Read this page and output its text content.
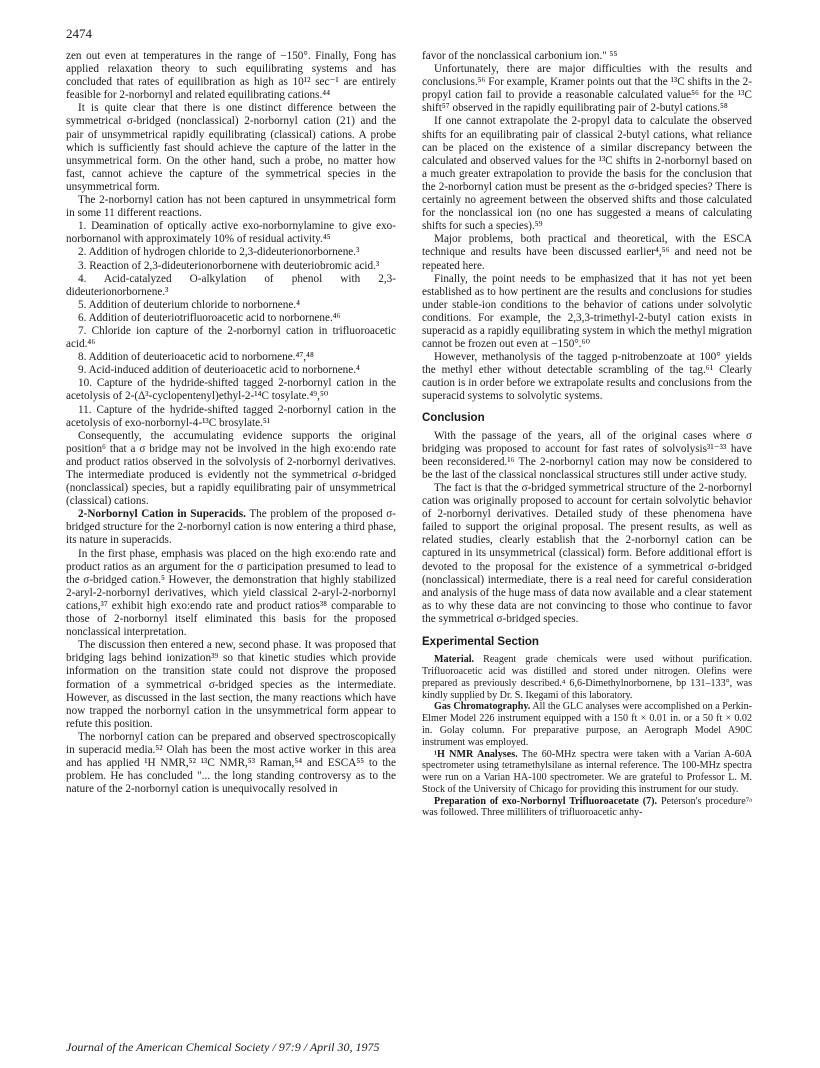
2474

zen out even at temperatures in the range of −150°. Finally, Fong has applied relaxation theory to such equilibrating systems and has concluded that rates of equilibration as high as 10¹² sec⁻¹ are entirely feasible for 2-norbornyl and related equilibrating cations.⁴⁴

It is quite clear that there is one distinct difference between the symmetrical σ-bridged (nonclassical) 2-norbornyl cation (21) and the pair of unsymmetrical rapidly equilibrating (classical) cations. A probe which is sufficiently fast should achieve the capture of the latter in the unsymmetrical form. On the other hand, such a probe, no matter how fast, cannot achieve the capture of the symmetrical species in the unsymmetrical form.

The 2-norbornyl cation has not been captured in unsymmetrical form in some 11 different reactions.

1. Deamination of optically active exo-norbornylamine to give exo-norbornanol with approximately 10% of residual activity.⁴⁵

2. Addition of hydrogen chloride to 2,3-dideuterionorbornene.³

3. Reaction of 2,3-dideuterionorbornene with deuteriobromic acid.³

4. Acid-catalyzed O-alkylation of phenol with 2,3-dideuterionorbornene.³

5. Addition of deuterium chloride to norbornene.⁴

6. Addition of deuteriotrifluoroacetic acid to norbornene.⁴⁶

7. Chloride ion capture of the 2-norbornyl cation in trifluoroacetic acid.⁴⁶

8. Addition of deuterioacetic acid to norbornene.⁴⁷,⁴⁸

9. Acid-induced addition of deuterioacetic acid to norbornene.⁴

10. Capture of the hydride-shifted tagged 2-norbornyl cation in the acetolysis of 2-(Δ³-cyclopentenyl)ethyl-2-¹⁴C tosylate.⁴⁹,⁵⁰

11. Capture of the hydride-shifted tagged 2-norbornyl cation in the acetolysis of exo-norbornyl-4-¹³C brosylate.⁵¹

Consequently, the accumulating evidence supports the original position⁶ that a σ bridge may not be involved in the high exo:endo rate and product ratios observed in the solvolysis of 2-norbornyl derivatives. The intermediate produced is evidently not the symmetrical σ-bridged (nonclassical) species, but a rapidly equilibrating pair of unsymmetrical (classical) cations.

2-Norbornyl Cation in Superacids. The problem of the proposed σ-bridged structure for the 2-norbornyl cation is now entering a third phase, its nature in superacids.

In the first phase, emphasis was placed on the high exo:endo rate and product ratios as an argument for the σ participation presumed to lead to the σ-bridged cation.⁵ However, the demonstration that highly stabilized 2-aryl-2-norbornyl derivatives, which yield classical 2-aryl-2-norbornyl cations,³⁷ exhibit high exo:endo rate and product ratios³⁸ comparable to those of 2-norbornyl itself eliminated this basis for the proposed nonclassical interpretation.

The discussion then entered a new, second phase. It was proposed that bridging lags behind ionization³⁹ so that kinetic studies which provide information on the transition state could not disprove the proposed formation of a symmetrical σ-bridged species as the intermediate. However, as discussed in the last section, the many reactions which have now trapped the norbornyl cation in the unsymmetrical form appear to refute this position.

The norbornyl cation can be prepared and observed spectroscopically in superacid media.⁵² Olah has been the most active worker in this area and has applied ¹H NMR,⁵² ¹³C NMR,⁵³ Raman,⁵⁴ and ESCA⁵⁵ to the problem. He has concluded "... the long standing controversy as to the nature of the 2-norbornyl cation is unequivocally resolved in

favor of the nonclassical carbonium ion." ⁵⁵

Unfortunately, there are major difficulties with the results and conclusions.⁵⁶ For example, Kramer points out that the ¹³C shifts in the 2-propyl cation fail to provide a reasonable calculated value⁵⁶ for the ¹³C shift⁵⁷ observed in the rapidly equilibrating pair of 2-butyl cations.⁵⁸

If one cannot extrapolate the 2-propyl data to calculate the observed shifts for an equilibrating pair of classical 2-butyl cations, what reliance can be placed on the existence of a similar discrepancy between the calculated and observed values for the ¹³C shifts in 2-norbornyl based on a much greater extrapolation to provide the basis for the conclusion that the 2-norbornyl cation must be present as the σ-bridged species? There is certainly no agreement between the observed shifts and those calculated for the nonclassical ion (no one has suggested a means of calculating shifts for such a species).⁵⁹

Major problems, both practical and theoretical, with the ESCA technique and results have been discussed earlier⁴,⁵⁶ and need not be repeated here.

Finally, the point needs to be emphasized that it has not yet been established as to how pertinent are the results and conclusions for studies under stable-ion conditions to the behavior of cations under solvolytic conditions. For example, the 2,3,3-trimethyl-2-butyl cation exists in superacid as a rapidly equilibrating system in which the methyl migration cannot be frozen out even at −150°.⁶⁰

However, methanolysis of the tagged p-nitrobenzoate at 100° yields the methyl ether without detectable scrambling of the tag.⁶¹ Clearly caution is in order before we extrapolate results and conclusions from the superacid systems to solvolytic systems.

Conclusion

With the passage of the years, all of the original cases where σ bridging was proposed to account for fast rates of solvolysis³¹⁻³³ have been reconsidered.¹⁶ The 2-norbornyl cation may now be considered to be the last of the classical nonclassical structures still under active study.

The fact is that the σ-bridged symmetrical structure of the 2-norbornyl cation was originally proposed to account for certain solvolytic behavior of 2-norbornyl derivatives. Detailed study of these phenomena have failed to support the original proposal. The present results, as well as related studies, clearly establish that the 2-norbornyl cation can be captured in its unsymmetrical (classical) form. Before additional effort is devoted to the proposal for the existence of a symmetrical σ-bridged (nonclassical) intermediate, there is a real need for careful consideration and analysis of the huge mass of data now available and a clear statement as to why these data are not convincing to those who continue to favor the symmetrical σ-bridged species.

Experimental Section

Material. Reagent grade chemicals were used without purification. Trifluoroacetic acid was distilled and stored under nitrogen. Olefins were prepared as previously described.⁴ 6,6-Dimethylnorbornene, bp 131–133°, was kindly supplied by Dr. S. Ikegami of this laboratory.

Gas Chromatography. All the GLC analyses were accomplished on a Perkin-Elmer Model 226 instrument equipped with a 150 ft × 0.01 in. or a 50 ft × 0.02 in. Golay column. For preparative purpose, an Aerograph Model A90C instrument was employed.

¹H NMR Analyses. The 60-MHz spectra were taken with a Varian A-60A spectrometer using tetramethylsilane as internal reference. The 100-MHz spectra were run on a Varian HA-100 spectrometer. We are grateful to Professor L. M. Stock of the University of Chicago for providing this instrument for our study.

Preparation of exo-Norbornyl Trifluoroacetate (7). Peterson's procedure⁷ᵃ was followed. Three milliliters of trifluoroacetic anhy-

Journal of the American Chemical Society / 97:9 / April 30, 1975
